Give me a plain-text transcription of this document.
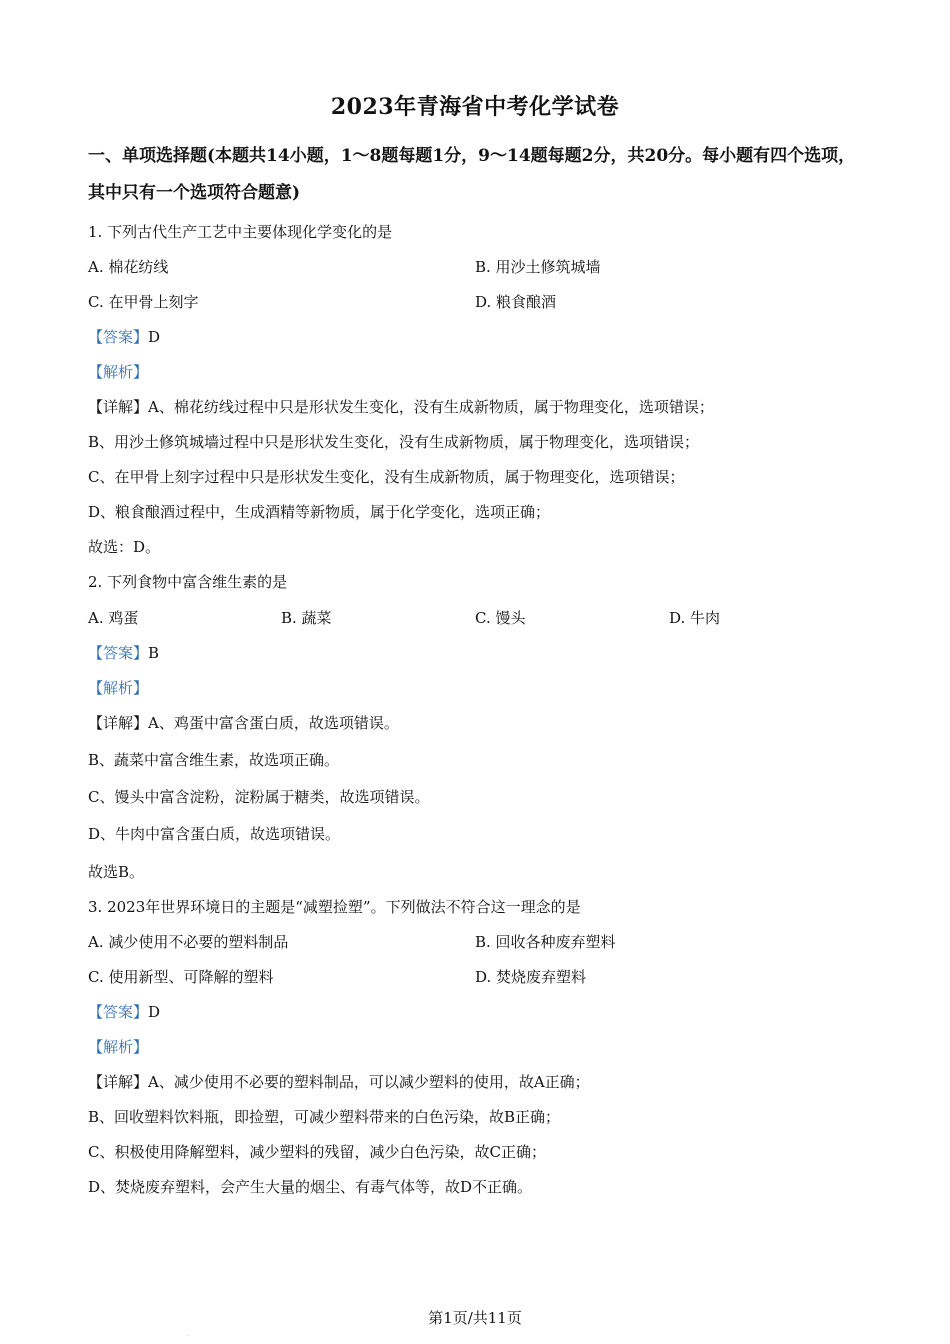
2023年青海省中考化学试卷
一、单项选择题(本题共14小题，1～8题每题1分，9～14题每题2分，共20分。每小题有四个选项，其中只有一个选项符合题意)
1. 下列古代生产工艺中主要体现化学变化的是
A. 棉花纺线	B. 用沙土修筑城墙
C. 在甲骨上刻字	D. 粮食酿酒
【答案】D
【解析】
【详解】A、棉花纺线过程中只是形状发生变化，没有生成新物质，属于物理变化，选项错误；
B、用沙土修筑城墙过程中只是形状发生变化，没有生成新物质，属于物理变化，选项错误；
C、在甲骨上刻字过程中只是形状发生变化，没有生成新物质，属于物理变化，选项错误；
D、粮食酿酒过程中，生成酒精等新物质，属于化学变化，选项正确；
故选：D。
2. 下列食物中富含维生素的是
A. 鸡蛋	B. 蔬菜	C. 馒头	D. 牛肉
【答案】B
【解析】
【详解】A、鸡蛋中富含蛋白质，故选项错误。
B、蔬菜中富含维生素，故选项正确。
C、馒头中富含淀粉，淀粉属于糖类，故选项错误。
D、牛肉中富含蛋白质，故选项错误。
故选B。
3. 2023年世界环境日的主题是“减塑捡塑”。下列做法不符合这一理念的是
A. 减少使用不必要的塑料制品	B. 回收各种废弃塑料
C. 使用新型、可降解的塑料	D. 焚烧废弃塑料
【答案】D
【解析】
【详解】A、减少使用不必要的塑料制品，可以减少塑料的使用，故A正确；
B、回收塑料饮料瓶，即捡塑，可减少塑料带来的白色污染，故B正确；
C、积极使用降解塑料，减少塑料的残留，减少白色污染，故C正确；
D、焚烧废弃塑料，会产生大量的烟尘、有毒气体等，故D不正确。
·
第1页/共11页
